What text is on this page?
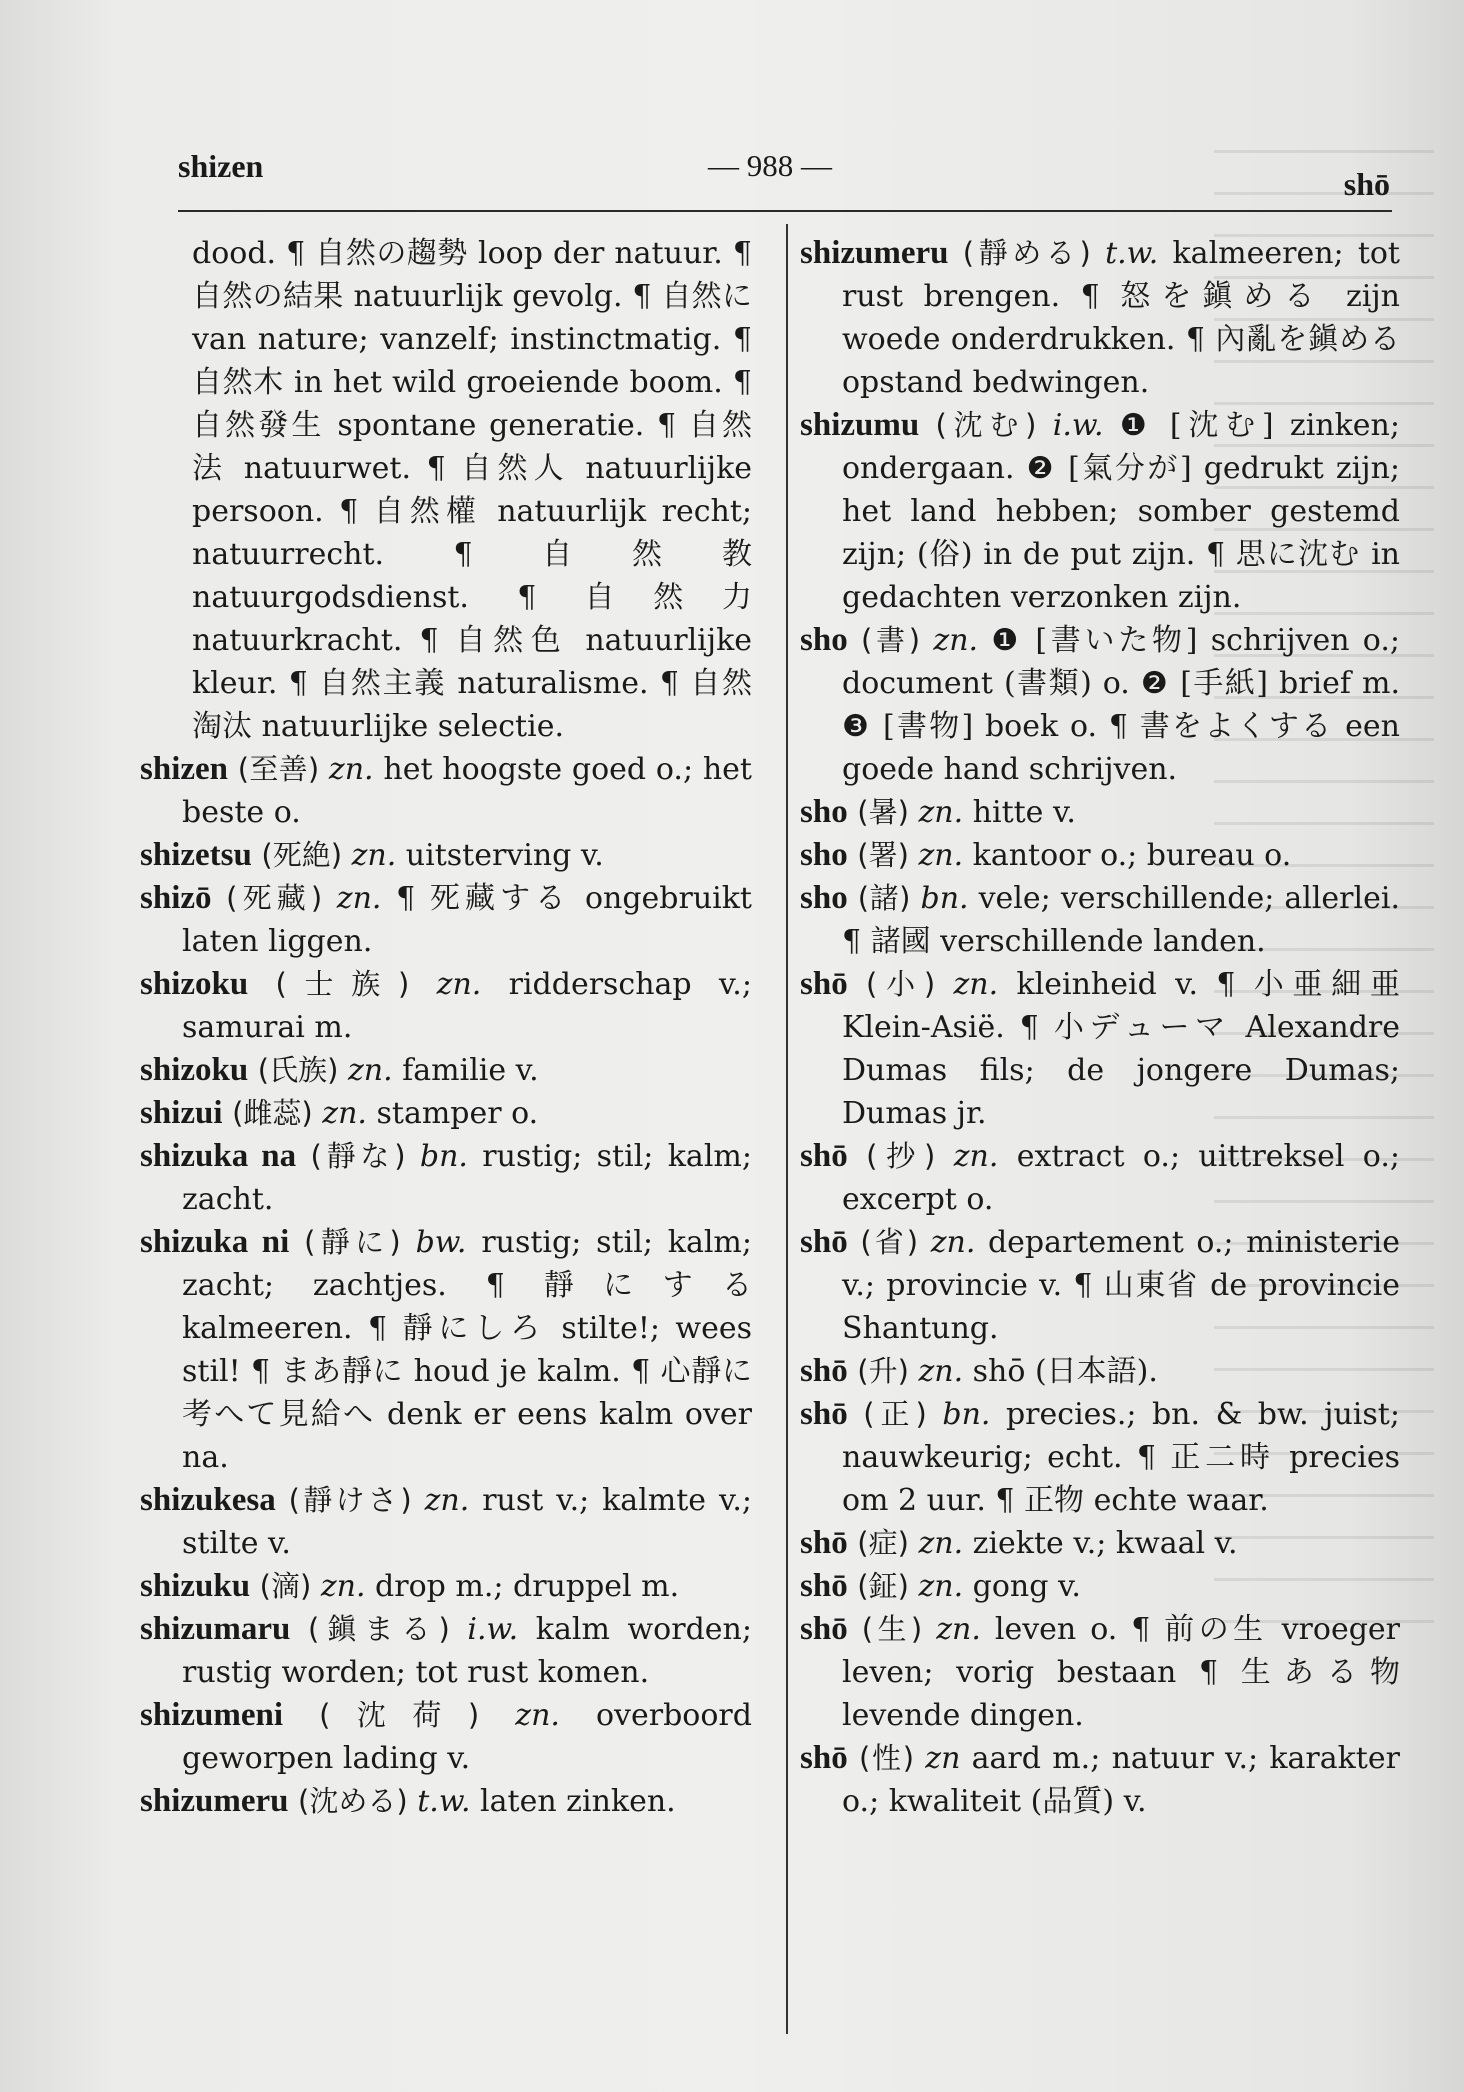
shizen	— 988 —
shō

dood. ¶ 自然の趨勢 loop der natuur. ¶ 自然の結果 natuurlijk gevolg. ¶ 自然に van nature; vanzelf; instinctmatig. ¶ 自然木 in het wild groeiende boom. ¶ 自然發生 spontane generatie. ¶ 自然法 natuurwet. ¶ 自然人 natuurlijke persoon. ¶ 自然權 natuurlijk recht; natuurrecht. ¶ 自然教 natuurgodsdienst. ¶ 自然力 natuurkracht. ¶ 自然色 natuurlijke kleur. ¶ 自然主義 naturalisme. ¶ 自然淘汰 natuurlijke selectie.

shizen (至善) zn. het hoogste goed o.; het beste o.

shizetsu (死絶) zn. uitsterving v.

shizō (死藏) zn. ¶ 死藏する ongebruikt laten liggen.

shizoku (士族) zn. ridderschap v.; samurai m.

shizoku (氏族) zn. familie v.

shizui (雌蕊) zn. stamper o.

shizuka na (靜な) bn. rustig; stil; kalm; zacht.

shizuka ni (靜に) bw. rustig; stil; kalm; zacht; zachtjes. ¶ 靜にする kalmeeren. ¶ 靜にしろ stilte!; wees stil! ¶ まあ靜に houd je kalm. ¶ 心靜に考へて見給へ denk er eens kalm over na.

shizukesa (靜けさ) zn. rust v.; kalmte v.; stilte v.

shizuku (滴) zn. drop m.; druppel m.

shizumaru (鎭まる) i.w. kalm worden; rustig worden; tot rust komen.

shizumeni (沈荷) zn. overboord geworpen lading v.

shizumeru (沈める) t.w. laten zinken.

shizumeru (靜める) t.w. kalmeeren; tot rust brengen. ¶ 怒を鎭める zijn woede onderdrukken. ¶ 內亂を鎭める opstand bedwingen.

shizumu (沈む) i.w. ❶ [沈む] zinken; ondergaan. ❷ [氣分が] gedrukt zijn; het land hebben; somber gestemd zijn; (俗) in de put zijn. ¶ 思に沈む in gedachten verzonken zijn.

sho (書) zn. ❶ [書いた物] schrijven o.; document (書類) o. ❷ [手紙] brief m. ❸ [書物] boek o. ¶ 書をよくする een goede hand schrijven.

sho (暑) zn. hitte v.

sho (署) zn. kantoor o.; bureau o.

sho (諸) bn. vele; verschillende; allerlei. ¶ 諸國 verschillende landen.

shō (小) zn. kleinheid v. ¶ 小亜細亜 Klein-Asië. ¶ 小デューマ Alexandre Dumas fils; de jongere Dumas; Dumas jr.

shō (抄) zn. extract o.; uittreksel o.; excerpt o.

shō (省) zn. departement o.; ministerie v.; provincie v. ¶ 山東省 de provincie Shantung.

shō (升) zn. shō (日本語).

shō (正) bn. precies.; bn. & bw. juist; nauwkeurig; echt. ¶ 正二時 precies om 2 uur. ¶ 正物 echte waar.

shō (症) zn. ziekte v.; kwaal v.

shō (鉦) zn. gong v.

shō (生) zn. leven o. ¶ 前の生 vroeger leven; vorig bestaan ¶ 生ある物 levende dingen.

shō (性) zn aard m.; natuur v.; karakter o.; kwaliteit (品質) v.
